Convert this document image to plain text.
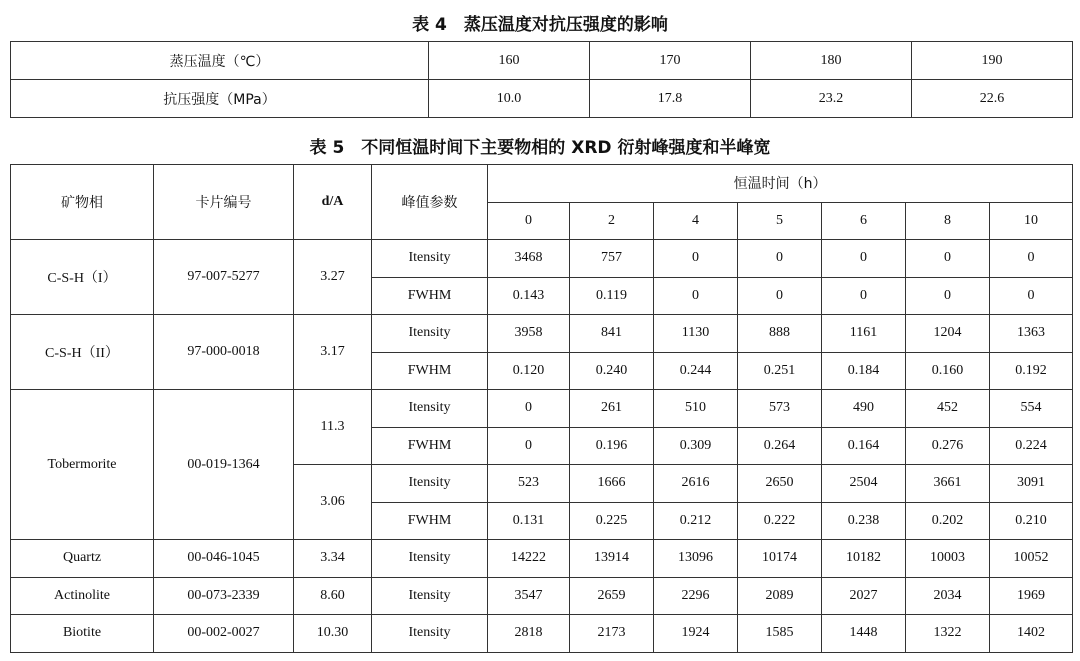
表 4　蒸压温度对抗压强度的影响
蒸压温度（℃）	160	170	180	190
抗压强度（MPa）	10.0	17.8	23.2	22.6
表 5　不同恒温时间下主要物相的 XRD 衍射峰强度和半峰宽
矿物相	卡片编号	d/A	峰值参数	恒温时间（h）						
				0	2	4	5	6	8	10
C-S-H（I）	97-007-5277	3.27	Itensity	3468	757	0	0	0	0	0
			FWHM	0.143	0.119	0	0	0	0	0
C-S-H（II）	97-000-0018	3.17	Itensity	3958	841	1130	888	1161	1204	1363
			FWHM	0.120	0.240	0.244	0.251	0.184	0.160	0.192
Tobermorite	00-019-1364	11.3	Itensity	0	261	510	573	490	452	554
			FWHM	0	0.196	0.309	0.264	0.164	0.276	0.224
		3.06	Itensity	523	1666	2616	2650	2504	3661	3091
			FWHM	0.131	0.225	0.212	0.222	0.238	0.202	0.210
Quartz	00-046-1045	3.34	Itensity	14222	13914	13096	10174	10182	10003	10052
Actinolite	00-073-2339	8.60	Itensity	3547	2659	2296	2089	2027	2034	1969
Biotite	00-002-0027	10.30	Itensity	2818	2173	1924	1585	1448	1322	1402
